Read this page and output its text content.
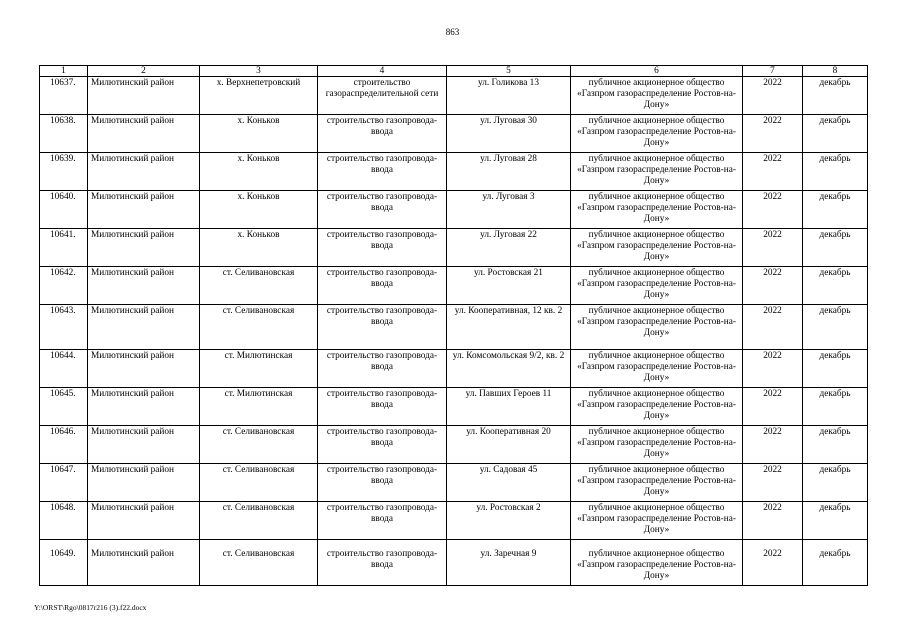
863
1	2	3	4	5	6	7	8
10637.	Милютинский район	х. Верхнепетровский	строительство газораспределительной сети	ул. Голикова 13	публичное акционерное общество «Газпром газораспределение Ростов-на-Дону»	2022	декабрь
10638.	Милютинский район	х. Коньков	строительство газопровода-ввода	ул. Луговая 30	публичное акционерное общество «Газпром газораспределение Ростов-на-Дону»	2022	декабрь
10639.	Милютинский район	х. Коньков	строительство газопровода-ввода	ул. Луговая 28	публичное акционерное общество «Газпром газораспределение Ростов-на-Дону»	2022	декабрь
10640.	Милютинский район	х. Коньков	строительство газопровода-ввода	ул. Луговая 3	публичное акционерное общество «Газпром газораспределение Ростов-на-Дону»	2022	декабрь
10641.	Милютинский район	х. Коньков	строительство газопровода-ввода	ул. Луговая 22	публичное акционерное общество «Газпром газораспределение Ростов-на-Дону»	2022	декабрь
10642.	Милютинский район	ст. Селивановская	строительство газопровода-ввода	ул. Ростовская 21	публичное акционерное общество «Газпром газораспределение Ростов-на-Дону»	2022	декабрь
10643.	Милютинский район	ст. Селивановская	строительство газопровода-ввода	ул. Кооперативная, 12 кв. 2	публичное акционерное общество «Газпром газораспределение Ростов-на-Дону»	2022	декабрь
10644.	Милютинский район	ст. Милютинская	строительство газопровода-ввода	ул. Комсомольская 9/2, кв. 2	публичное акционерное общество «Газпром газораспределение Ростов-на-Дону»	2022	декабрь
10645.	Милютинский район	ст. Милютинская	строительство газопровода-ввода	ул. Павших Героев 11	публичное акционерное общество «Газпром газораспределение Ростов-на-Дону»	2022	декабрь
10646.	Милютинский район	ст. Селивановская	строительство газопровода-ввода	ул. Кооперативная 20	публичное акционерное общество «Газпром газораспределение Ростов-на-Дону»	2022	декабрь
10647.	Милютинский район	ст. Селивановская	строительство газопровода-ввода	ул. Садовая 45	публичное акционерное общество «Газпром газораспределение Ростов-на-Дону»	2022	декабрь
10648.	Милютинский район	ст. Селивановская	строительство газопровода-ввода	ул. Ростовская 2	публичное акционерное общество «Газпром газораспределение Ростов-на-Дону»	2022	декабрь
10649.	Милютинский район	ст. Селивановская	строительство газопровода-ввода	ул. Заречная 9	публичное акционерное общество «Газпром газораспределение Ростов-на-Дону»	2022	декабрь
Y:\ORST\Rgo\0817r216 (3).f22.docx
